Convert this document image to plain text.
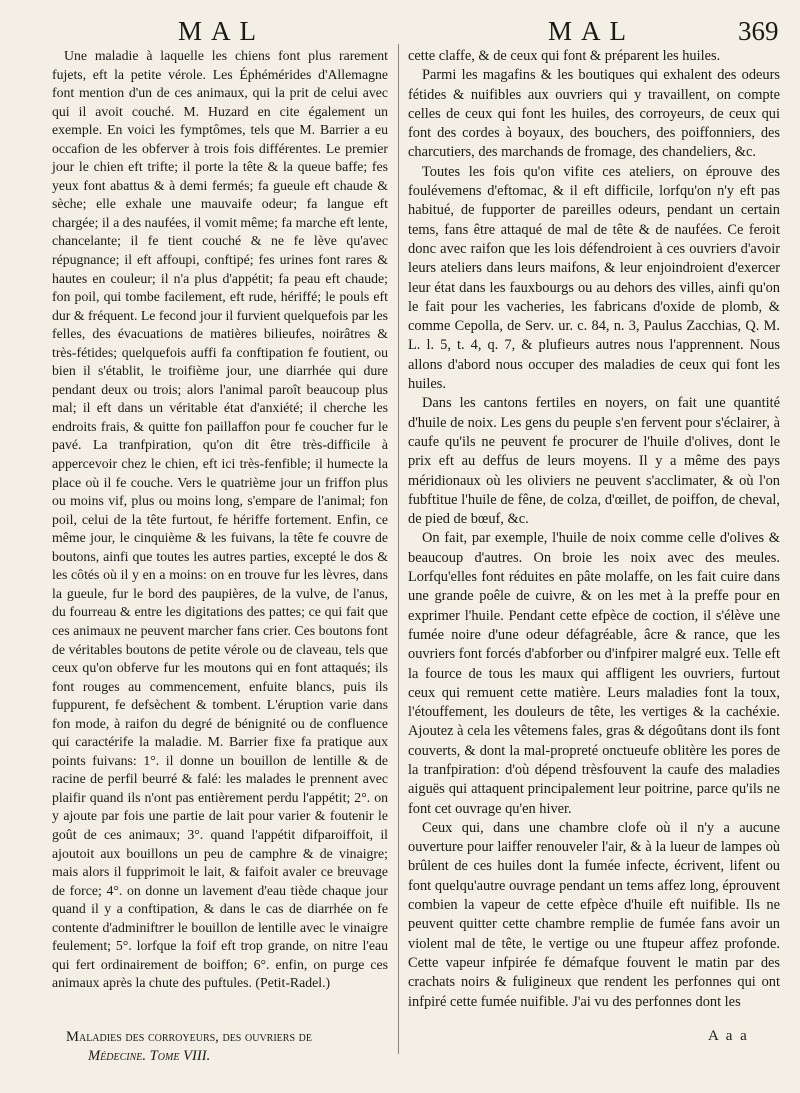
MAL	MAL	369

Une maladie à laquelle les chiens font plus rarement fujets, eft la petite vérole. Les Éphémérides d'Allemagne font mention d'un de ces animaux, qui la prit de celui avec qui il avoit couché. M. Huzard en cite également un exemple. En voici les fymptômes, tels que M. Barrier a eu occafion de les obferver à trois fois différentes. Le premier jour le chien eft trifte; il porte la tête & la queue baffe; fes yeux font abattus & à demi fermés; fa gueule eft chaude & sèche; elle exhale une mauvaife odeur; fa langue eft chargée; il a des naufées, il vomit même; fa marche eft lente, chancelante; il fe tient couché & ne fe lève qu'avec répugnance; il eft affoupi, conftipé; fes urines font rares & hautes en couleur; il n'a plus d'appétit; fa peau eft chaude; fon poil, qui tombe facilement, eft rude, hériffé; le pouls eft dur & fréquent. Le fecond jour il furvient quelquefois par les felles, des évacuations de matières bilieufes, noirâtres & très-fétides; quelquefois auffi fa conftipation fe foutient, ou bien il s'établit, le troifième jour, une diarrhée qui dure pendant deux ou trois; alors l'animal paroît beaucoup plus mal; il eft dans un véritable état d'anxiété; il cherche les endroits frais, & quitte fon paillaffon pour fe coucher fur le pavé. La tranfpiration, qu'on dit être très-difficile à appercevoir chez le chien, eft ici très-fenfible; il humecte la place où il fe couche. Vers le quatrième jour un friffon plus ou moins vif, plus ou moins long, s'empare de l'animal; fon poil, celui de la tête furtout, fe hériffe fortement. Enfin, ce même jour, le cinquième & les fuivans, la tête fe couvre de boutons, ainfi que toutes les autres parties, excepté le dos & les côtés où il y en a moins: on en trouve fur les lèvres, dans la gueule, fur le bord des paupières, de la vulve, de l'anus, du fourreau & entre les digitations des pattes; ce qui fait que ces animaux ne peuvent marcher fans crier. Ces boutons font de véritables boutons de petite vérole ou de claveau, tels que ceux qu'on obferve fur les moutons qui en font attaqués; ils font rouges au commencement, enfuite blancs, puis ils fuppurent, fe defsèchent & tombent. L'éruption varie dans fon mode, à raifon du degré de bénignité ou de confluence qui caractérife la maladie. M. Barrier fixe fa pratique aux points fuivans: 1°. il donne un bouillon de lentille & de racine de perfil beurré & falé: les malades le prennent avec plaifir quand ils n'ont pas entièrement perdu l'appétit; 2°. on y ajoute par fois une partie de lait pour varier & foutenir le goût de ces animaux; 3°. quand l'appétit difparoiffoit, il ajoutoit aux bouillons un peu de camphre & de vinaigre; mais alors il fupprimoit le lait, & faifoit avaler ce breuvage de force; 4°. on donne un lavement d'eau tiède chaque jour quand il y a conftipation, & dans le cas de diarrhée on fe contente d'adminiftrer le bouillon de lentille avec le vinaigre feulement; 5°. lorfque la foif eft trop grande, on nitre l'eau qui fert ordinairement de boiffon; 6°. enfin, on purge ces animaux après la chute des puftules. (Petit-Radel.)

cette claffe, & de ceux qui font & préparent les huiles.

Parmi les magafins & les boutiques qui exhalent des odeurs fétides & nuifibles aux ouvriers qui y travaillent, on compte celles de ceux qui font les huiles, des corroyeurs, de ceux qui font des cordes à boyaux, des bouchers, des poiffonniers, des charcutiers, des marchands de fromage, des chandeliers, &c.

Toutes les fois qu'on vifite ces ateliers, on éprouve des foulévemens d'eftomac, & il eft difficile, lorfqu'on n'y eft pas habitué, de fupporter de pareilles odeurs, pendant un certain tems, fans être attaqué de mal de tête & de naufées. Ce feroit donc avec raifon que les lois défendroient à ces ouvriers d'avoir leurs ateliers dans leurs maifons, & leur enjoindroient d'exercer leur état dans les fauxbourgs ou au dehors des villes, ainfi qu'on le fait pour les vacheries, les fabricans d'oxide de plomb, & comme Cepolla, de Serv. ur. c. 84, n. 3, Paulus Zacchias, Q. M. L. l. 5, t. 4, q. 7, & plufieurs autres nous l'apprennent. Nous allons d'abord nous occuper des maladies de ceux qui font les huiles.

Dans les cantons fertiles en noyers, on fait une quantité d'huile de noix. Les gens du peuple s'en fervent pour s'éclairer, à caufe qu'ils ne peuvent fe procurer de l'huile d'olives, dont le prix eft au deffus de leurs moyens. Il y a même des pays méridionaux où les oliviers ne peuvent s'acclimater, & où l'on fubftitue l'huile de fêne, de colza, d'œillet, de poiffon, de cheval, de pied de bœuf, &c.

On fait, par exemple, l'huile de noix comme celle d'olives & beaucoup d'autres. On broie les noix avec des meules. Lorfqu'elles font réduites en pâte molaffe, on les fait cuire dans une grande poêle de cuivre, & on les met à la preffe pour en exprimer l'huile. Pendant cette efpèce de coction, il s'élève une fumée noire d'une odeur défagréable, âcre & rance, que les ouvriers font forcés d'abforber ou d'infpirer malgré eux. Telle eft la fource de tous les maux qui affligent les ouvriers, furtout ceux qui remuent cette matière. Leurs maladies font la toux, l'étouffement, les douleurs de tête, les vertiges & la cachéxie. Ajoutez à cela les vêtemens fales, gras & dégoûtans dont ils font couverts, & dont la mal-propreté onctueufe oblitère les pores de la tranfpiration: d'où dépend trèsfouvent la caufe des maladies aiguës qui attaquent principalement leur poitrine, parce qu'ils ne font cet ouvrage qu'en hiver.

Ceux qui, dans une chambre clofe où il n'y a aucune ouverture pour laiffer renouveler l'air, & à la lueur de lampes où brûlent de ces huiles dont la fumée infecte, écrivent, lifent ou font quelqu'autre ouvrage pendant un tems affez long, éprouvent combien la vapeur de cette efpèce d'huile eft nuifible. Ils ne peuvent quitter cette chambre remplie de fumée fans avoir un violent mal de tête, le vertige ou une ftupeur affez profonde. Cette vapeur infpirée fe démafque fouvent le matin par des crachats noirs & fuligineux que rendent les perfonnes qui ont infpiré cette fumée nuifible. J'ai vu des perfonnes dont les

Maladies des corroyeurs, des ouvriers de
Médecine. Tome VIII.
A a a
